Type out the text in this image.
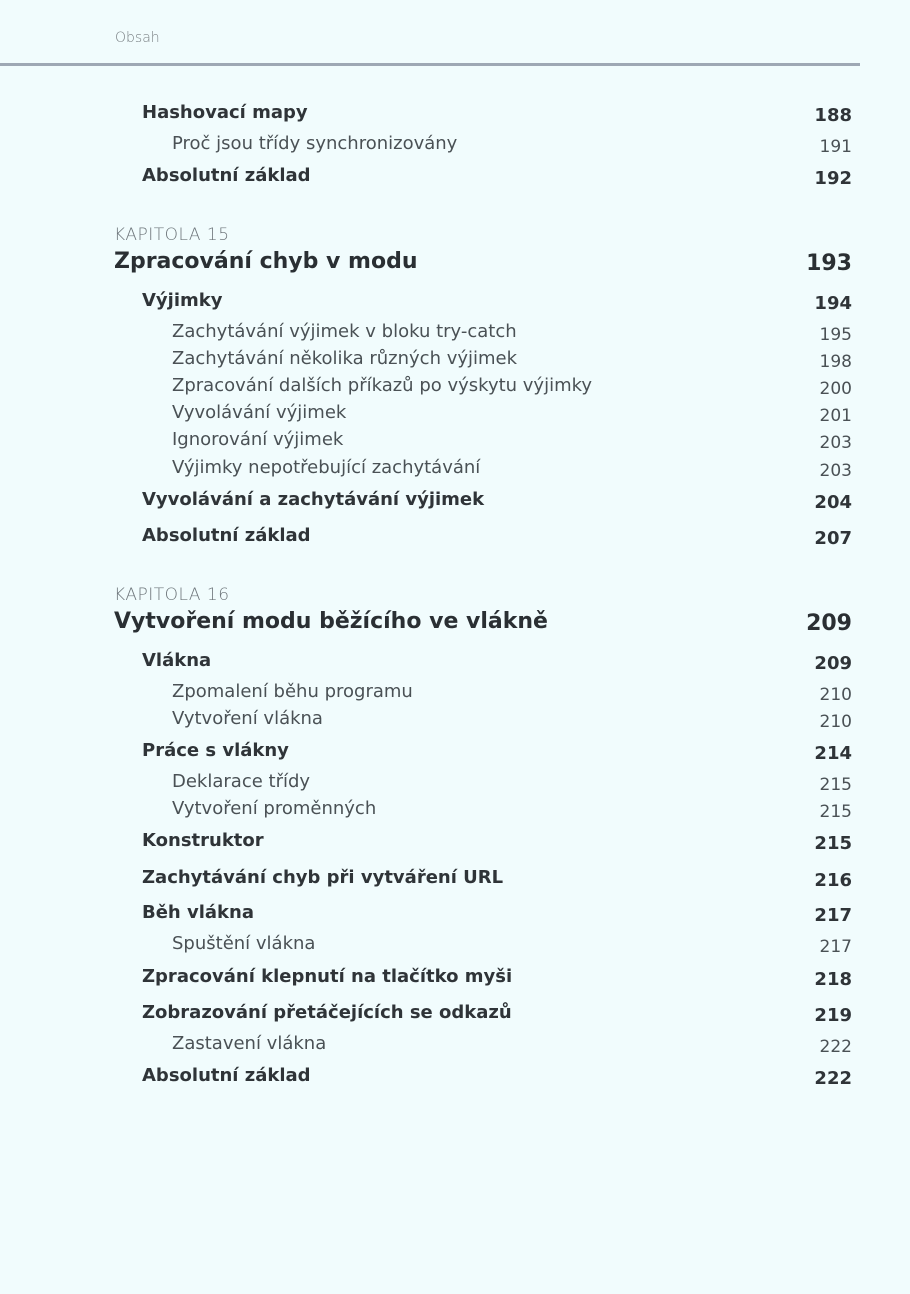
Obsah
Hashovací mapy	188
Proč jsou třídy synchronizovány	191
Absolutní základ	192
KAPITOLA 15
Zpracování chyb v modu	193
Výjimky	194
Zachytávání výjimek v bloku try-catch	195
Zachytávání několika různých výjimek	198
Zpracování dalších příkazů po výskytu výjimky	200
Vyvolávání výjimek	201
Ignorování výjimek	203
Výjimky nepotřebující zachytávání	203
Vyvolávání a zachytávání výjimek	204
Absolutní základ	207
KAPITOLA 16
Vytvoření modu běžícího ve vlákně	209
Vlákna	209
Zpomalení běhu programu	210
Vytvoření vlákna	210
Práce s vlákny	214
Deklarace třídy	215
Vytvoření proměnných	215
Konstruktor	215
Zachytávání chyb při vytváření URL	216
Běh vlákna	217
Spuštění vlákna	217
Zpracování klepnutí na tlačítko myši	218
Zobrazování přetáčejících se odkazů	219
Zastavení vlákna	222
Absolutní základ	222
